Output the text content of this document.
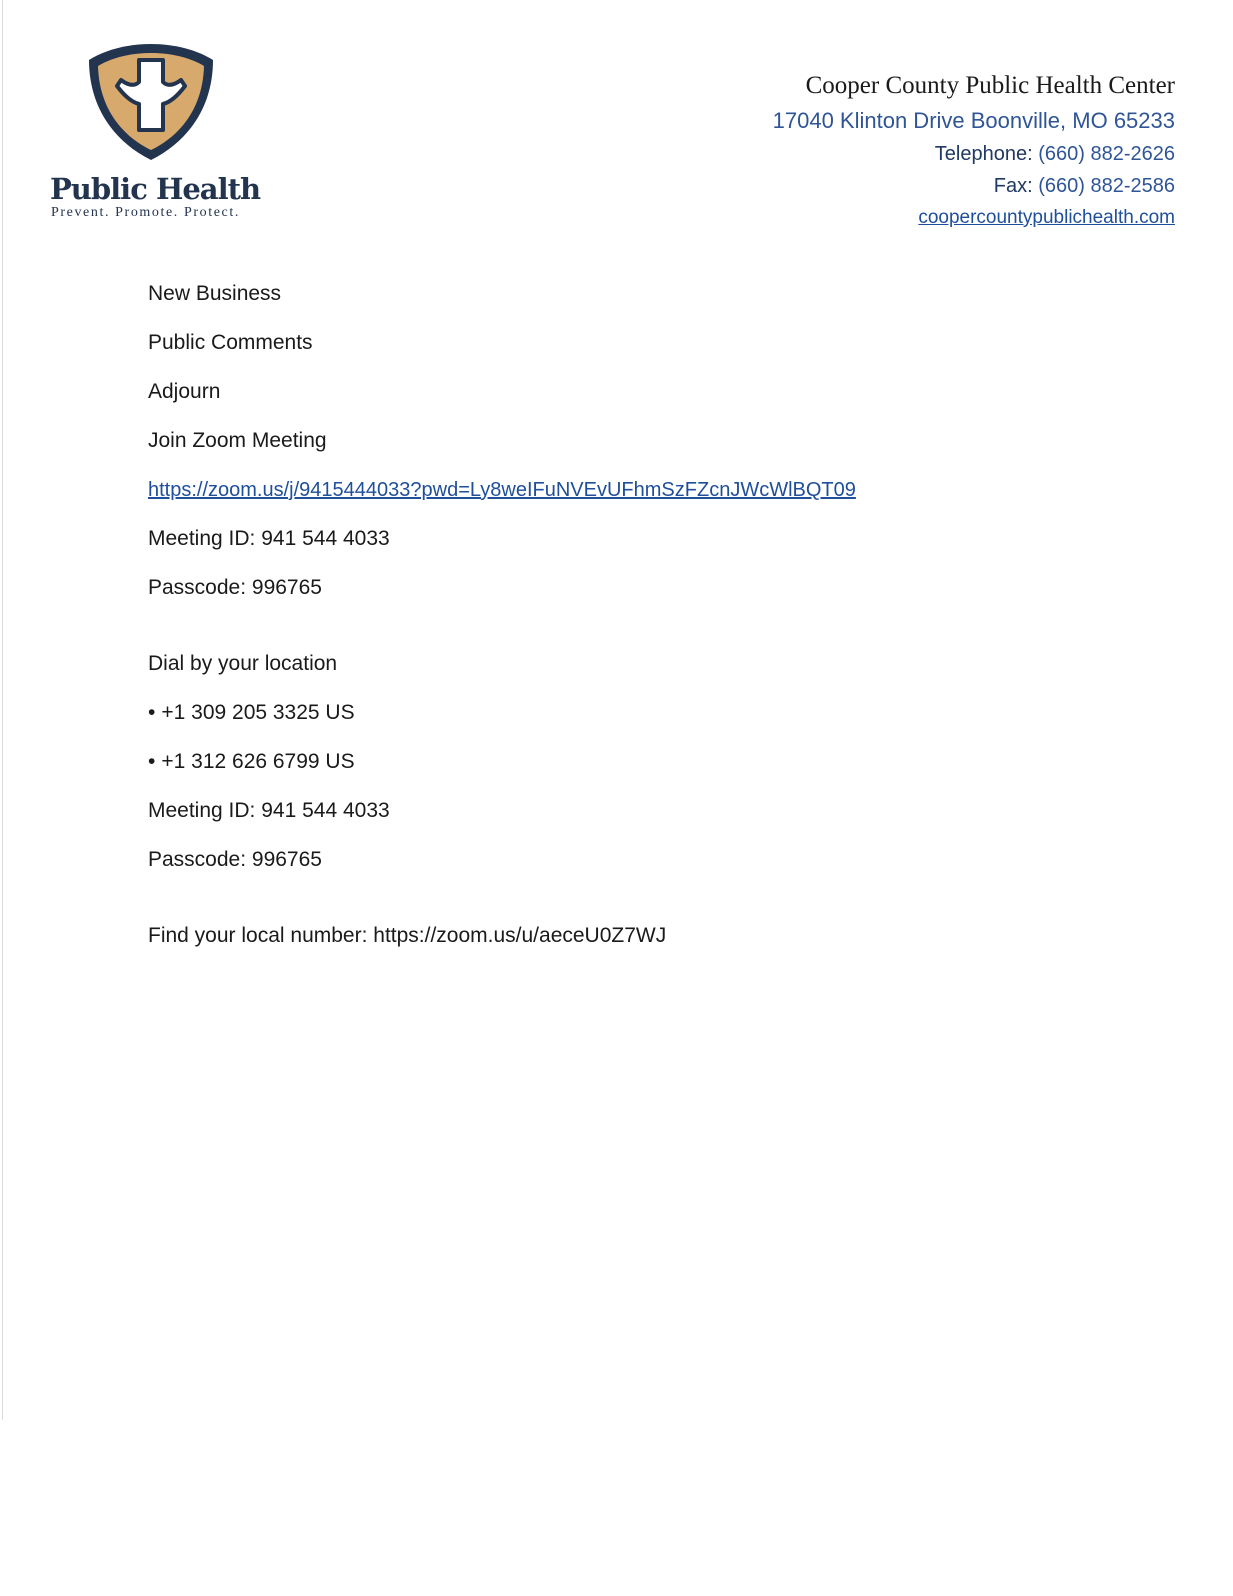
Public Health
Prevent. Promote. Protect.
Cooper County Public Health Center
17040 Klinton Drive Boonville, MO 65233
Telephone: (660) 882-2626
Fax: (660) 882-2586
coopercountypublichealth.com
New Business
Public Comments
Adjourn
Join Zoom Meeting
https://zoom.us/j/9415444033?pwd=Ly8weIFuNVEvUFhmSzFZcnJWcWlBQT09
Meeting ID: 941 544 4033
Passcode: 996765
Dial by your location
• +1 309 205 3325 US
• +1 312 626 6799 US
Meeting ID: 941 544 4033
Passcode: 996765
Find your local number: https://zoom.us/u/aeceU0Z7WJ
